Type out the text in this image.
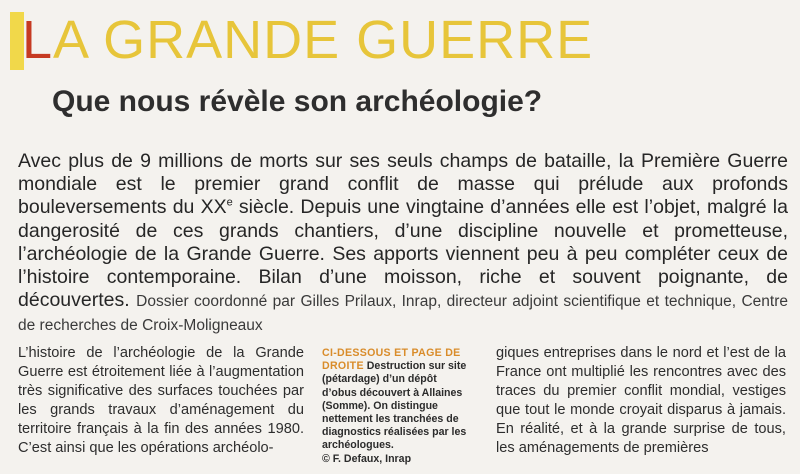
LA GRANDE GUERRE
Que nous révèle son archéologie?

Avec plus de 9 millions de morts sur ses seuls champs de bataille, la Première Guerre mondiale est le premier grand conflit de masse qui prélude aux profonds bouleversements du XXe siècle. Depuis une vingtaine d’années elle est l’objet, malgré la dangerosité de ces grands chantiers, d’une discipline nouvelle et prometteuse, l’archéologie de la Grande Guerre. Ses apports viennent peu à peu compléter ceux de l’histoire contemporaine. Bilan d’une moisson, riche et souvent poignante, de découvertes. Dossier coordonné par Gilles Prilaux, Inrap, directeur adjoint scientifique et technique, Centre de recherches de Croix-Moligneaux

L’histoire de l’archéologie de la Grande Guerre est étroitement liée à l’augmentation très significative des surfaces touchées par les grands travaux d’aménagement du territoire français à la fin des années 1980. C’est ainsi que les opérations archéolo-

CI-DESSOUS ET PAGE DE DROITE Destruction sur site (pétardage) d’un dépôt d’obus découvert à Allaines (Somme). On distingue nettement les tranchées de diagnostics réalisées par les archéologues.
© F. Defaux, Inrap

giques entreprises dans le nord et l’est de la France ont multiplié les rencontres avec des traces du premier conflit mondial, vestiges que tout le monde croyait disparus à jamais. En réalité, et à la grande surprise de tous, les aménagements de premières
